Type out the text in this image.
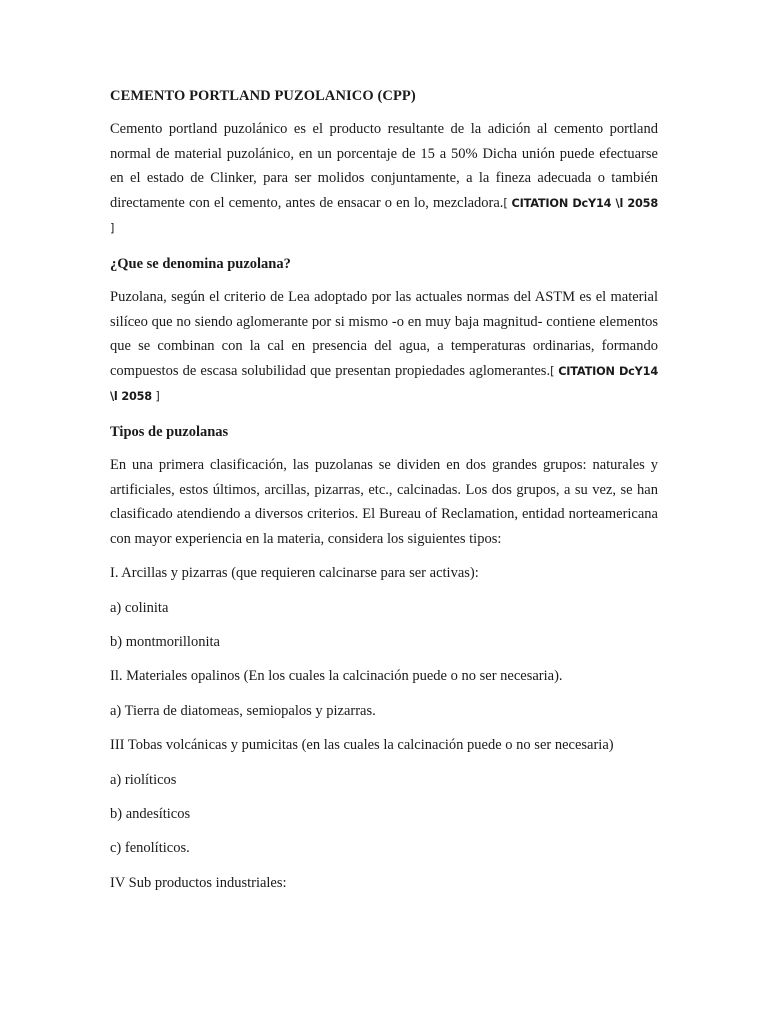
CEMENTO PORTLAND PUZOLANICO (CPP)

Cemento portland puzolánico es el producto resultante de la adición al cemento portland normal de material puzolánico, en un porcentaje de 15 a 50% Dicha unión puede efectuarse en el estado de Clinker, para ser molidos conjuntamente, a la fineza adecuada o también directamente con el cemento, antes de ensacar o en lo, mezcladora.[ CITATION DcY14 \l 2058 ]

¿Que se denomina puzolana?

Puzolana, según el criterio de Lea adoptado por las actuales normas del ASTM es el material silíceo que no siendo aglomerante por si mismo -o en muy baja magnitud- contiene elementos que se combinan con la cal en presencia del agua, a temperaturas ordinarias, formando compuestos de escasa solubilidad que presentan propiedades aglomerantes.[ CITATION DcY14 \l 2058 ]

Tipos de puzolanas

En una primera clasificación, las puzolanas se dividen en dos grandes grupos: naturales y artificiales, estos últimos, arcillas, pizarras, etc., calcinadas. Los dos grupos, a su vez, se han clasificado atendiendo a diversos criterios. El Bureau of Reclamation, entidad norteamericana con mayor experiencia en la materia, considera los siguientes tipos:

I. Arcillas y pizarras (que requieren calcinarse para ser activas):
a) colinita
b) montmorillonita
Il. Materiales opalinos (En los cuales la calcinación puede o no ser necesaria).
a) Tierra de diatomeas, semiopalos y pizarras.
III Tobas volcánicas y pumicitas (en las cuales la calcinación puede o no ser necesaria)
a) riolíticos
b) andesíticos
c) fenolíticos.
IV Sub productos industriales:
